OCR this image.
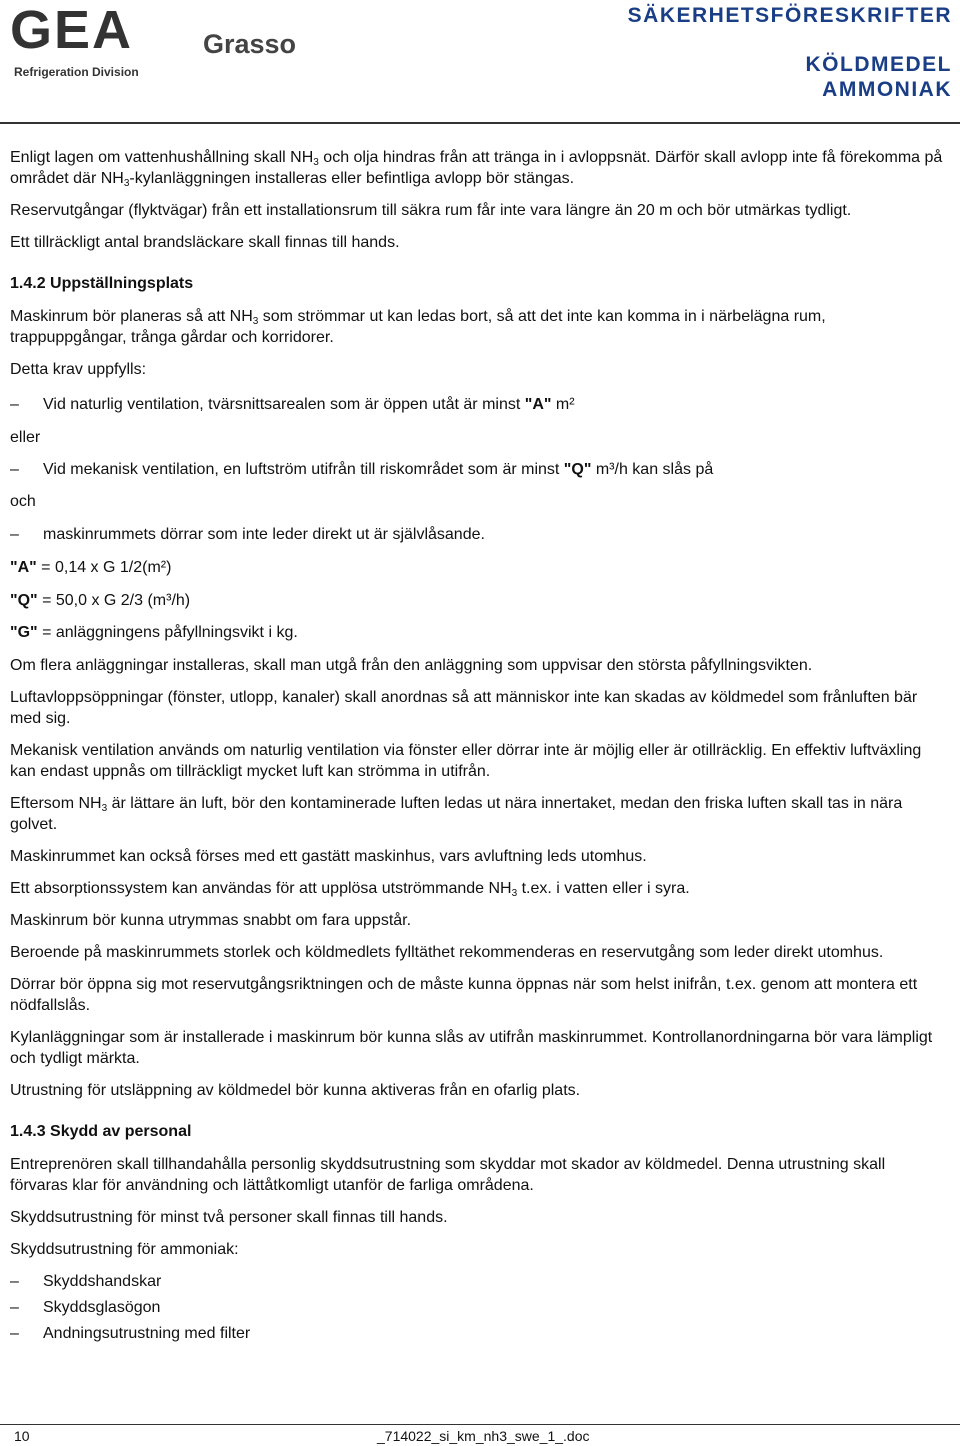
GEA	Grasso
Refrigeration Division
SÄKERHETSFÖRESKRIFTER
KÖLDMEDEL
AMMONIAK

Enligt lagen om vattenhushållning skall $NH_3$ och olja hindras från att tränga in i avloppsnät. Därför skall avlopp inte få förekomma på området där $NH_3$-kylanläggningen installeras eller befintliga avlopp bör stängas.

Reservutgångar (flyktvägar) från ett installationsrum till säkra rum får inte vara längre än 20 m och bör utmärkas tydligt.

Ett tillräckligt antal brandsläckare skall finnas till hands.

1.4.2 Uppställningsplats

Maskinrum bör planeras så att $NH_3$ som strömmar ut kan ledas bort, så att det inte kan komma in i närbelägna rum, trappuppgångar, trånga gårdar och korridorer.

Detta krav uppfylls:

–	Vid naturlig ventilation, tvärsnittsarealen som är öppen utåt är minst "A" m²

eller

–	Vid mekanisk ventilation, en luftström utifrån till riskområdet som är minst "Q" m³/h kan slås på

och

–	maskinrummets dörrar som inte leder direkt ut är självlåsande.

"A" = 0,14 x G 1/2(m²)

"Q" = 50,0 x G 2/3 (m³/h)

"G" = anläggningens påfyllningsvikt i kg.

Om flera anläggningar installeras, skall man utgå från den anläggning som uppvisar den största påfyllningsvikten.

Luftavloppsöppningar (fönster, utlopp, kanaler) skall anordnas så att människor inte kan skadas av köldmedel som frånluften bär med sig.

Mekanisk ventilation används om naturlig ventilation via fönster eller dörrar inte är möjlig eller är otillräcklig. En effektiv luftväxling kan endast uppnås om tillräckligt mycket luft kan strömma in utifrån.

Eftersom $NH_3$ är lättare än luft, bör den kontaminerade luften ledas ut nära innertaket, medan den friska luften skall tas in nära golvet.

Maskinrummet kan också förses med ett gastätt maskinhus, vars avluftning leds utomhus.

Ett absorptionssystem kan användas för att upplösa utströmmande $NH_3$ t.ex. i vatten eller i syra.

Maskinrum bör kunna utrymmas snabbt om fara uppstår.

Beroende på maskinrummets storlek och köldmedlets fylltäthet rekommenderas en reservutgång som leder direkt utomhus.

Dörrar bör öppna sig mot reservutgångsriktningen och de måste kunna öppnas när som helst inifrån, t.ex. genom att montera ett nödfallslås.

Kylanläggningar som är installerade i maskinrum bör kunna slås av utifrån maskinrummet. Kontrollanordningarna bör vara lämpligt och tydligt märkta.

Utrustning för utsläppning av köldmedel bör kunna aktiveras från en ofarlig plats.

1.4.3 Skydd av personal

Entreprenören skall tillhandahålla personlig skyddsutrustning som skyddar mot skador av köldmedel. Denna utrustning skall förvaras klar för användning och lättåtkomligt utanför de farliga områdena.

Skyddsutrustning för minst två personer skall finnas till hands.

Skyddsutrustning för ammoniak:

–	Skyddshandskar
–	Skyddsglasögon
–	Andningsutrustning med filter
10	_714022_si_km_nh3_swe_1_.doc
